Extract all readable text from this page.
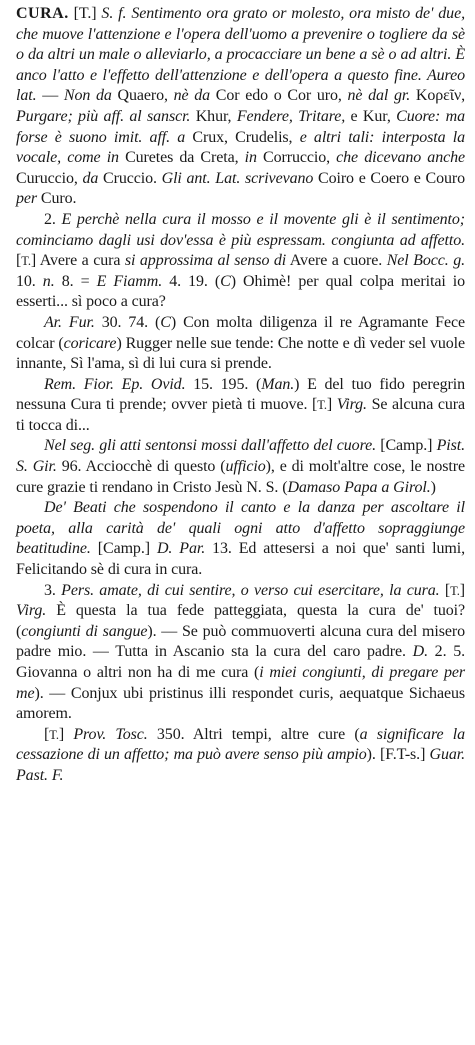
CURA. [T.] S. f. Sentimento ora grato or molesto, ora misto de' due, che muove l'attenzione e l'opera dell'uomo a prevenire o togliere da sè o da altri un male o alleviarlo, a procacciare un bene a sè o ad altri. È anco l'atto e l'effetto dell'attenzione e dell'opera a questo fine. Aureo lat. — Non da Quaero, nè da Cor edo o Cor uro, nè dal gr. Κορεῖν, Purgare; più aff. al sanscr. Khur, Fendere, Tritare, e Kur, Cuore: ma forse è suono imit. aff. a Crux, Crudelis, e altri tali: interposta la vocale, come in Curetes da Creta, in Corruccio, che dicevano anche Curuccio, da Cruccio. Gli ant. Lat. scrivevano Coiro e Coero e Couro per Curo.

2. E perchè nella cura il mosso e il movente gli è il sentimento; cominciamo dagli usi dov'essa è più espressam. congiunta ad affetto. [T.] Avere a cura si approssima al senso di Avere a cuore. Nel Bocc. g. 10. n. 8. = E Fiamm. 4. 19. (C) Ohimè! per qual colpa meritai io esserti... sì poco a cura?

Ar. Fur. 30. 74. (C) Con molta diligenza il re Agramante Fece colcar (coricare) Rugger nelle sue tende: Che notte e dì veder sel vuole innante, Sì l'ama, sì di lui cura si prende.

Rem. Fior. Ep. Ovid. 15. 195. (Man.) E del tuo fido peregrin nessuna Cura ti prende; ovver pietà ti muove. [T.] Virg. Se alcuna cura ti tocca di...

Nel seg. gli atti sentonsi mossi dall'affetto del cuore. [Camp.] Pist. S. Gir. 96. Acciocchè di questo (ufficio), e di molt'altre cose, le nostre cure grazie ti rendano in Cristo Jesù N. S. (Damaso Papa a Girol.)

De' Beati che sospendono il canto e la danza per ascoltare il poeta, alla carità de' quali ogni atto d'affetto sopraggiunge beatitudine. [Camp.] D. Par. 13. Ed attesersi a noi que' santi lumi, Felicitando sè di cura in cura.

3. Pers. amate, di cui sentire, o verso cui esercitare, la cura. [T.] Virg. È questa la tua fede patteggiata, questa la cura de' tuoi? (congiunti di sangue). — Se può commuoverti alcuna cura del misero padre mio. — Tutta in Ascanio sta la cura del caro padre. D. 2. 5. Giovanna o altri non ha di me cura (i miei congiunti, di pregare per me). — Conjux ubi pristinus illi respondet curis, aequatque Sichaeus amorem.

[T.] Prov. Tosc. 350. Altri tempi, altre cure (a significare la cessazione di un affetto; ma può avere senso più ampio). [F.T-s.] Guar. Past. F.
